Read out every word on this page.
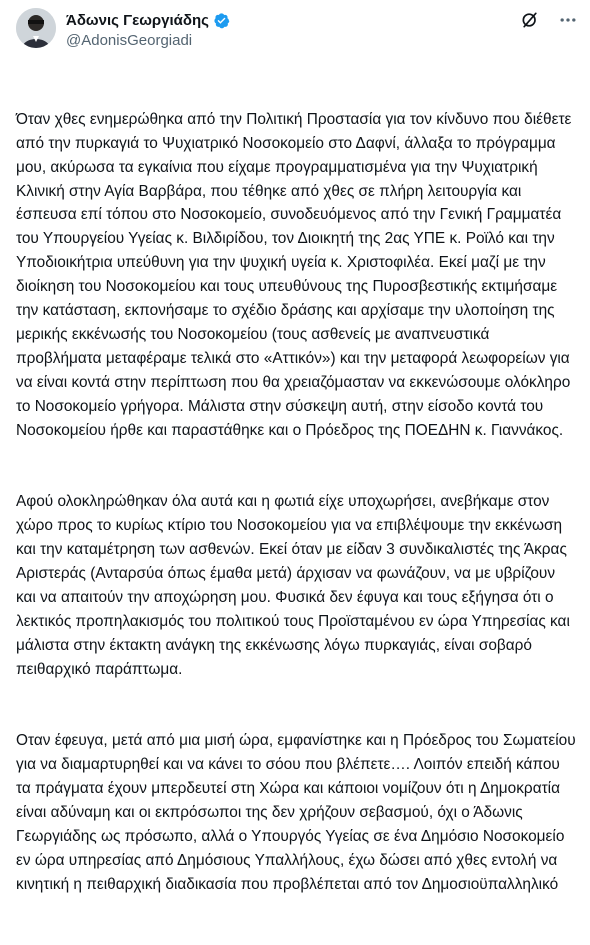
Άδωνις Γεωργιάδης
@AdonisGeorgiadi

Όταν χθες ενημερώθηκα από την Πολιτική Προστασία για τον κίνδυνο που διέθετε από την πυρκαγιά το Ψυχιατρικό Νοσοκομείο στο Δαφνί, άλλαξα το πρόγραμμα μου, ακύρωσα τα εγκαίνια που είχαμε προγραμματισμένα για την Ψυχιατρική Κλινική στην Αγία Βαρβάρα, που τέθηκε από χθες σε πλήρη λειτουργία και έσπευσα επί τόπου στο Νοσοκομείο, συνοδευόμενος από την Γενική Γραμματέα του Υπουργείου Υγείας κ. Βιλδιρίδου, τον Διοικητή της 2ας ΥΠΕ κ. Ροϊλό και την Υποδιοικήτρια υπεύθυνη για την ψυχική υγεία κ. Χριστοφιλέα. Εκεί μαζί με την διοίκηση του Νοσοκομείου και τους υπευθύνους της Πυροσβεστικής εκτιμήσαμε την κατάσταση, εκπονήσαμε το σχέδιο δράσης και αρχίσαμε την υλοποίηση της μερικής εκκένωσής του Νοσοκομείου (τους ασθενείς με αναπνευστικά προβλήματα μεταφέραμε τελικά στο «Αττικόν») και την μεταφορά λεωφορείων για να είναι κοντά στην περίπτωση που θα χρειαζόμασταν να εκκενώσουμε ολόκληρο το Νοσοκομείο γρήγορα. Μάλιστα στην σύσκεψη αυτή, στην είσοδο κοντά του Νοσοκομείου ήρθε και παραστάθηκε και ο Πρόεδρος της ΠΟΕΔΗΝ κ. Γιαννάκος.

Αφού ολοκληρώθηκαν όλα αυτά και η φωτιά είχε υποχωρήσει, ανεβήκαμε στον χώρο προς το κυρίως κτίριο του Νοσοκομείου για να επιβλέψουμε την εκκένωση και την καταμέτρηση των ασθενών. Εκεί όταν με είδαν 3 συνδικαλιστές της Άκρας Αριστεράς (Ανταρσύα όπως έμαθα μετά) άρχισαν να φωνάζουν, να με υβρίζουν και να απαιτούν την αποχώρηση μου. Φυσικά δεν έφυγα και τους εξήγησα ότι ο λεκτικός προπηλακισμός του πολιτικού τους Προϊσταμένου εν ώρα Υπηρεσίας και μάλιστα στην έκτακτη ανάγκη της εκκένωσης λόγω πυρκαγιάς, είναι σοβαρό πειθαρχικό παράπτωμα.

Οταν έφευγα, μετά από μια μισή ώρα, εμφανίστηκε και η Πρόεδρος του Σωματείου για να διαμαρτυρηθεί και να κάνει το σόου που βλέπετε…. Λοιπόν επειδή κάπου τα πράγματα έχουν μπερδευτεί στη Χώρα και κάποιοι νομίζουν ότι η Δημοκρατία είναι αδύναμη και οι εκπρόσωποι της δεν χρήζουν σεβασμού, όχι ο Άδωνις Γεωργιάδης ως πρόσωπο, αλλά ο Υπουργός Υγείας σε ένα Δημόσιο Νοσοκομείο εν ώρα υπηρεσίας από Δημόσιους Υπαλλήλους, έχω δώσει από χθες εντολή να κινητική η πειθαρχική διαδικασία που προβλέπεται από τον Δημοσιοϋπαλληλικό
